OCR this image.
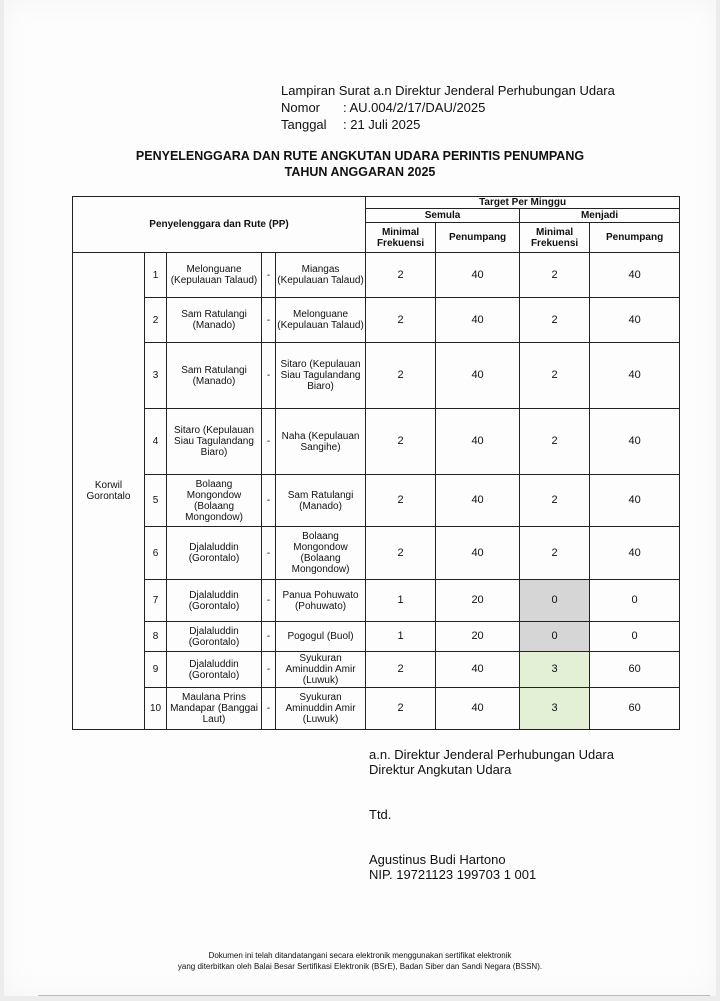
Lampiran Surat a.n Direktur Jenderal Perhubungan Udara
Nomor : AU.004/2/17/DAU/2025
Tanggal : 21 Juli 2025
PENYELENGGARA DAN RUTE ANGKUTAN UDARA PERINTIS PENUMPANG
TAHUN ANGGARAN 2025
Penyelenggara dan Rute (PP)					Target Per Minggu			
					Semula		Menjadi	
					Minimal Frekuensi	Penumpang	Minimal Frekuensi	Penumpang
Korwil Gorontalo	1	Melonguane (Kepulauan Talaud)	-	Miangas (Kepulauan Talaud)	2	40	2	40
	2	Sam Ratulangi (Manado)	-	Melonguane (Kepulauan Talaud)	2	40	2	40
	3	Sam Ratulangi (Manado)	-	Sitaro (Kepulauan Siau Tagulandang Biaro)	2	40	2	40
	4	Sitaro (Kepulauan Siau Tagulandang Biaro)	-	Naha (Kepulauan Sangihe)	2	40	2	40
	5	Bolaang Mongondow (Bolaang Mongondow)	-	Sam Ratulangi (Manado)	2	40	2	40
	6	Djalaluddin (Gorontalo)	-	Bolaang Mongondow (Bolaang Mongondow)	2	40	2	40
	7	Djalaluddin (Gorontalo)	-	Panua Pohuwato (Pohuwato)	1	20	0	0
	8	Djalaluddin (Gorontalo)	-	Pogogul (Buol)	1	20	0	0
	9	Djalaluddin (Gorontalo)	-	Syukuran Aminuddin Amir (Luwuk)	2	40	3	60
	10	Maulana Prins Mandapar (Banggai Laut)	-	Syukuran Aminuddin Amir (Luwuk)	2	40	3	60
a.n. Direktur Jenderal Perhubungan Udara
Direktur Angkutan Udara
Ttd.
Agustinus Budi Hartono
NIP. 19721123 199703 1 001
Dokumen ini telah ditandatangani secara elektronik menggunakan sertifikat elektronik
yang diterbitkan oleh Balai Besar Sertifikasi Elektronik (BSrE), Badan Siber dan Sandi Negara (BSSN).
